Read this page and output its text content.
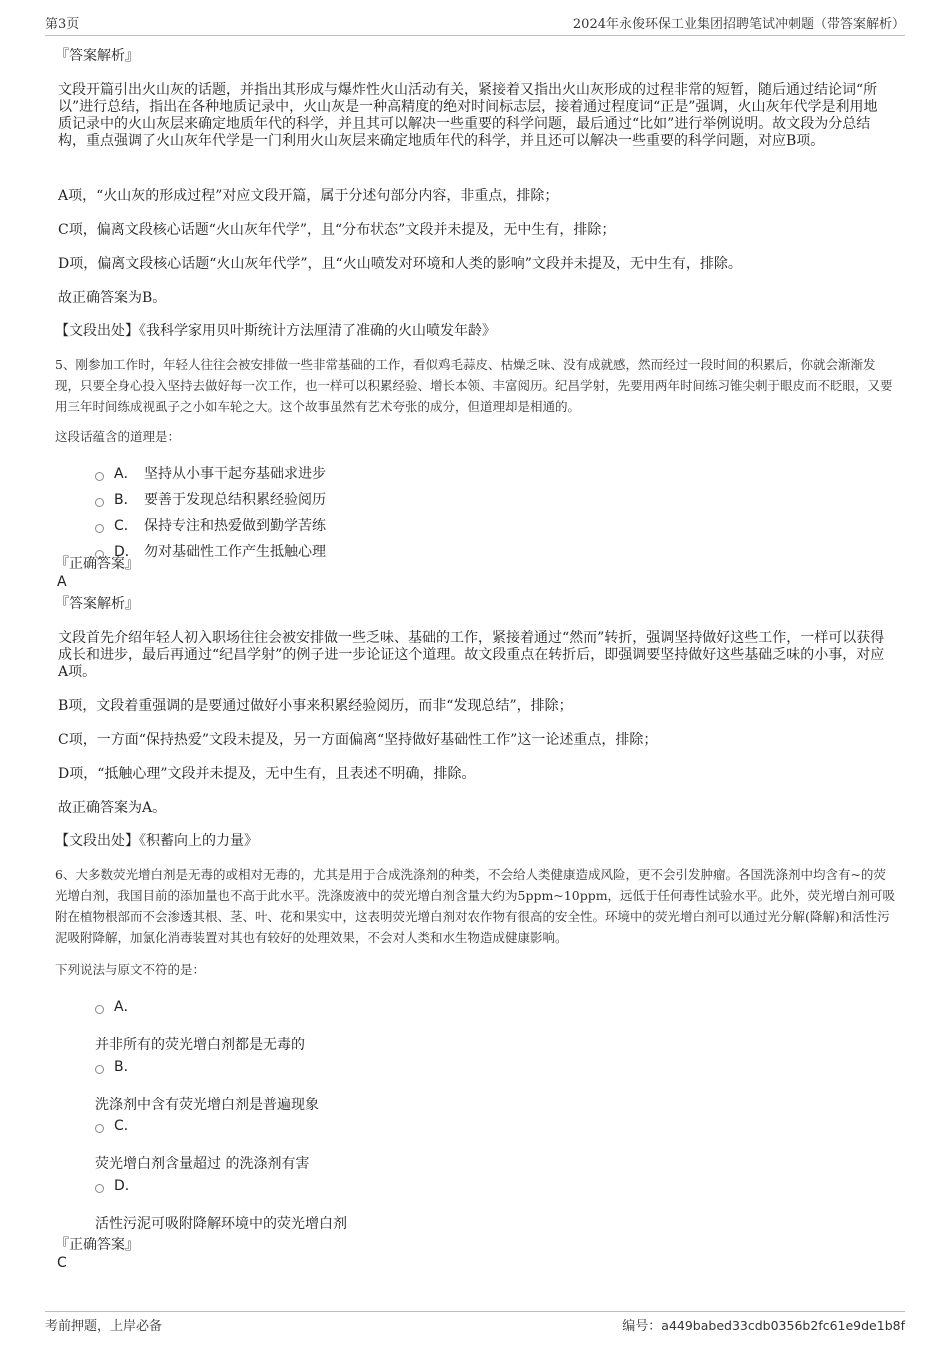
第3页	2024年永俊环保工业集团招聘笔试冲刺题（带答案解析）
『答案解析』
文段开篇引出火山灰的话题，并指出其形成与爆炸性火山活动有关，紧接着又指出火山灰形成的过程非常的短暂，随后通过结论词“所以”进行总结，指出在各种地质记录中，火山灰是一种高精度的绝对时间标志层，接着通过程度词“正是”强调，火山灰年代学是利用地质记录中的火山灰层来确定地质年代的科学，并且其可以解决一些重要的科学问题，最后通过“比如”进行举例说明。故文段为分总结构，重点强调了火山灰年代学是一门利用火山灰层来确定地质年代的科学，并且还可以解决一些重要的科学问题，对应B项。
A项，“火山灰的形成过程”对应文段开篇，属于分述句部分内容，非重点，排除；
C项，偏离文段核心话题“火山灰年代学”，且“分布状态”文段并未提及，无中生有，排除；
D项，偏离文段核心话题“火山灰年代学”，且“火山喷发对环境和人类的影响”文段并未提及，无中生有，排除。
故正确答案为B。
【文段出处】《我科学家用贝叶斯统计方法厘清了准确的火山喷发年龄》
5、刚参加工作时，年轻人往往会被安排做一些非常基础的工作，看似鸡毛蒜皮、枯燥乏味、没有成就感，然而经过一段时间的积累后，你就会渐渐发现，只要全身心投入坚持去做好每一次工作，也一样可以积累经验、增长本领、丰富阅历。纪昌学射，先要用两年时间练习锥尖刺于眼皮而不眨眼，又要用三年时间练成视虱子之小如车轮之大。这个故事虽然有艺术夸张的成分，但道理却是相通的。
这段话蕴含的道理是：
A． 坚持从小事干起夯基础求进步
B． 要善于发现总结积累经验阅历
C． 保持专注和热爱做到勤学苦练
D． 勿对基础性工作产生抵触心理
『正确答案』
A
『答案解析』
文段首先介绍年轻人初入职场往往会被安排做一些乏味、基础的工作，紧接着通过“然而”转折，强调坚持做好这些工作，一样可以获得成长和进步，最后再通过“纪昌学射”的例子进一步论证这个道理。故文段重点在转折后，即强调要坚持做好这些基础乏味的小事，对应A项。
B项，文段着重强调的是要通过做好小事来积累经验阅历，而非“发现总结”，排除；
C项，一方面“保持热爱”文段未提及，另一方面偏离“坚持做好基础性工作”这一论述重点，排除；
D项，“抵触心理”文段并未提及，无中生有，且表述不明确，排除。
故正确答案为A。
【文段出处】《积蓄向上的力量》
6、大多数荧光增白剂是无毒的或相对无毒的，尤其是用于合成洗涤剂的种类，不会给人类健康造成风险，更不会引发肿瘤。各国洗涤剂中均含有~的荧光增白剂，我国目前的添加量也不高于此水平。洗涤废液中的荧光增白剂含量大约为5ppm~10ppm，远低于任何毒性试验水平。此外，荧光增白剂可吸附在植物根部而不会渗透其根、茎、叶、花和果实中，这表明荧光增白剂对农作物有很高的安全性。环境中的荧光增白剂可以通过光分解(降解)和活性污泥吸附降解，加氯化消毒装置对其也有较好的处理效果，不会对人类和水生物造成健康影响。
下列说法与原文不符的是：
A．
并非所有的荧光增白剂都是无毒的
B．
洗涤剂中含有荧光增白剂是普遍现象
C．
荧光增白剂含量超过 的洗涤剂有害
D．
活性污泥可吸附降解环境中的荧光增白剂
『正确答案』
C
考前押题，上岸必备	编号：a449babed33cdb0356b2fc61e9de1b8f
